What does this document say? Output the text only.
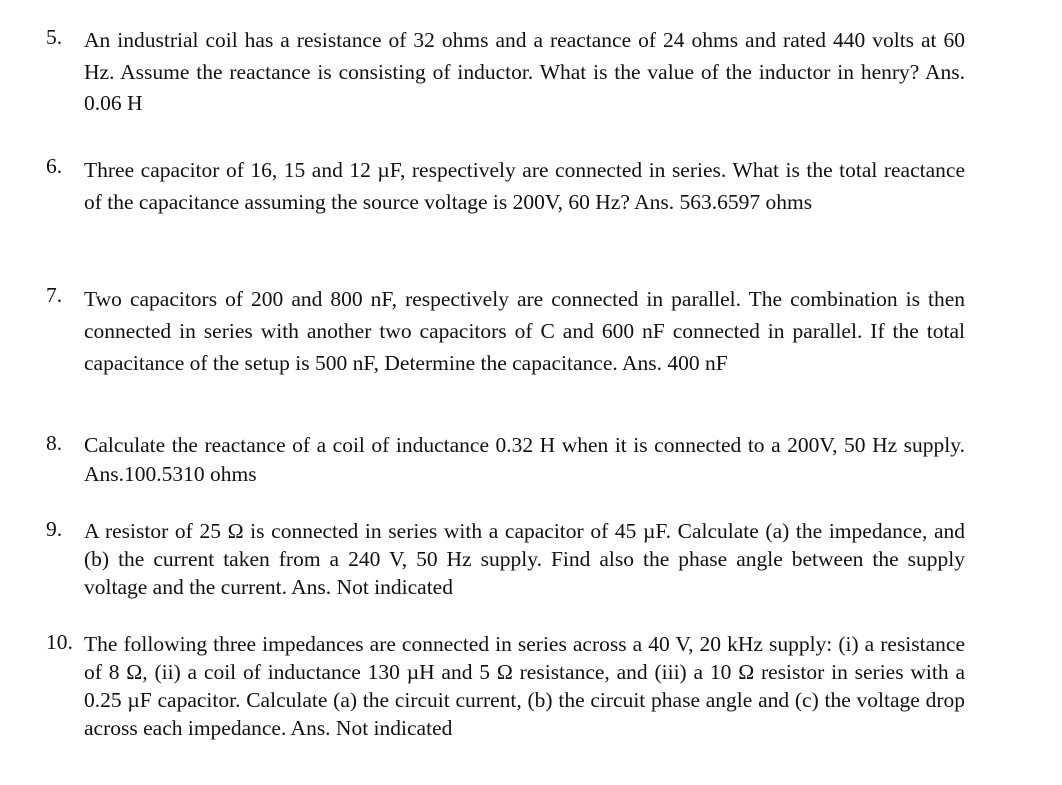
5. An industrial coil has a resistance of 32 ohms and a reactance of 24 ohms and rated 440 volts at 60 Hz. Assume the reactance is consisting of inductor. What is the value of the inductor in henry? Ans. 0.06 H
6. Three capacitor of 16, 15 and 12 µF, respectively are connected in series. What is the total reactance of the capacitance assuming the source voltage is 200V, 60 Hz? Ans. 563.6597 ohms
7. Two capacitors of 200 and 800 nF, respectively are connected in parallel. The combination is then connected in series with another two capacitors of C and 600 nF connected in parallel. If the total capacitance of the setup is 500 nF, Determine the capacitance. Ans. 400 nF
8. Calculate the reactance of a coil of inductance 0.32 H when it is connected to a 200V, 50 Hz supply. Ans.100.5310 ohms
9. A resistor of 25 Ω is connected in series with a capacitor of 45 µF. Calculate (a) the impedance, and (b) the current taken from a 240 V, 50 Hz supply. Find also the phase angle between the supply voltage and the current. Ans. Not indicated
10. The following three impedances are connected in series across a 40 V, 20 kHz supply: (i) a resistance of 8 Ω, (ii) a coil of inductance 130 µH and 5 Ω resistance, and (iii) a 10 Ω resistor in series with a 0.25 µF capacitor. Calculate (a) the circuit current, (b) the circuit phase angle and (c) the voltage drop across each impedance. Ans. Not indicated
